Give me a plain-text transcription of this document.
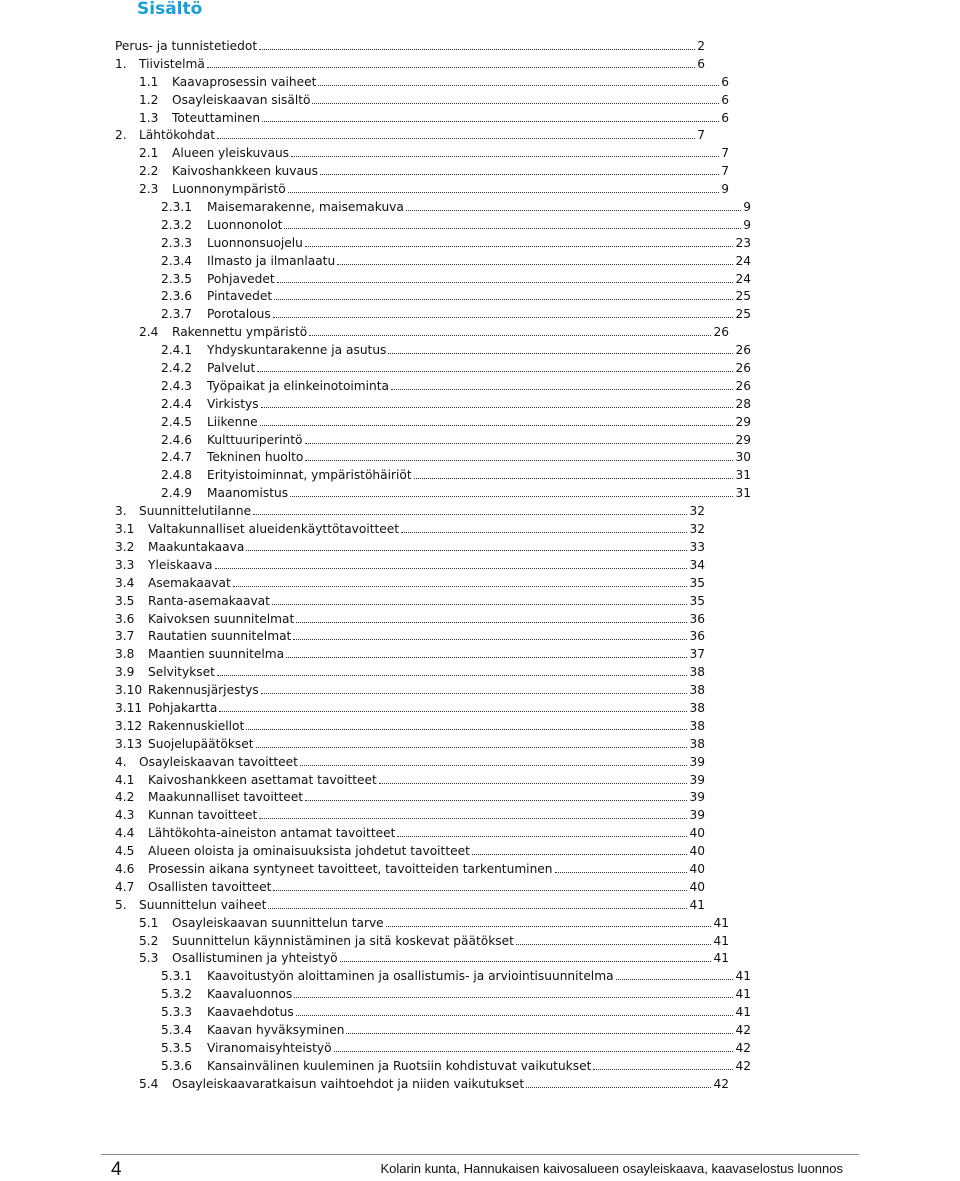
Sisältö
Perus- ja tunnistetiedot	2
1.	Tiivistelmä	6
1.1	Kaavaprosessin vaiheet	6
1.2	Osayleiskaavan sisältö	6
1.3	Toteuttaminen	6
2.	Lähtökohdat	7
2.1	Alueen yleiskuvaus	7
2.2	Kaivoshankkeen kuvaus	7
2.3	Luonnonympäristö	9
2.3.1	Maisemarakenne, maisemakuva	9
2.3.2	Luonnonolot	9
2.3.3	Luonnonsuojelu	23
2.3.4	Ilmasto ja ilmanlaatu	24
2.3.5	Pohjavedet	24
2.3.6	Pintavedet	25
2.3.7	Porotalous	25
2.4	Rakennettu ympäristö	26
2.4.1	Yhdyskuntarakenne ja asutus	26
2.4.2	Palvelut	26
2.4.3	Työpaikat ja elinkeinotoiminta	26
2.4.4	Virkistys	28
2.4.5	Liikenne	29
2.4.6	Kulttuuriperintö	29
2.4.7	Tekninen huolto	30
2.4.8	Erityistoiminnat, ympäristöhäiriöt	31
2.4.9	Maanomistus	31
3.	Suunnittelutilanne	32
3.1	Valtakunnalliset alueidenkäyttötavoitteet	32
3.2	Maakuntakaava	33
3.3	Yleiskaava	34
3.4	Asemakaavat	35
3.5	Ranta-asemakaavat	35
3.6	Kaivoksen suunnitelmat	36
3.7	Rautatien suunnitelmat	36
3.8	Maantien suunnitelma	37
3.9	Selvitykset	38
3.10 Rakennusjärjestys	38
3.11 Pohjakartta	38
3.12 Rakennuskiellot	38
3.13 Suojelupäätökset	38
4.	Osayleiskaavan tavoitteet	39
4.1	Kaivoshankkeen asettamat tavoitteet	39
4.2	Maakunnalliset tavoitteet	39
4.3	Kunnan tavoitteet	39
4.4	Lähtökohta-aineiston antamat tavoitteet	40
4.5	Alueen oloista ja ominaisuuksista johdetut tavoitteet	40
4.6	Prosessin aikana syntyneet tavoitteet, tavoitteiden tarkentuminen	40
4.7	Osallisten tavoitteet	40
5.	Suunnittelun vaiheet	41
5.1	Osayleiskaavan suunnittelun tarve	41
5.2	Suunnittelun käynnistäminen ja sitä koskevat päätökset	41
5.3	Osallistuminen ja yhteistyö	41
5.3.1	Kaavoitustyön aloittaminen ja osallistumis- ja arviointisuunnitelma	41
5.3.2	Kaavaluonnos	41
5.3.3	Kaavaehdotus	41
5.3.4	Kaavan hyväksyminen	42
5.3.5	Viranomaisyhteistyö	42
5.3.6	Kansainvälinen kuuleminen ja Ruotsiin kohdistuvat vaikutukset	42
5.4	Osayleiskaavaratkaisun vaihtoehdot ja niiden vaikutukset	42
4	Kolarin kunta, Hannukaisen kaivosalueen osayleiskaava, kaavaselostus luonnos
